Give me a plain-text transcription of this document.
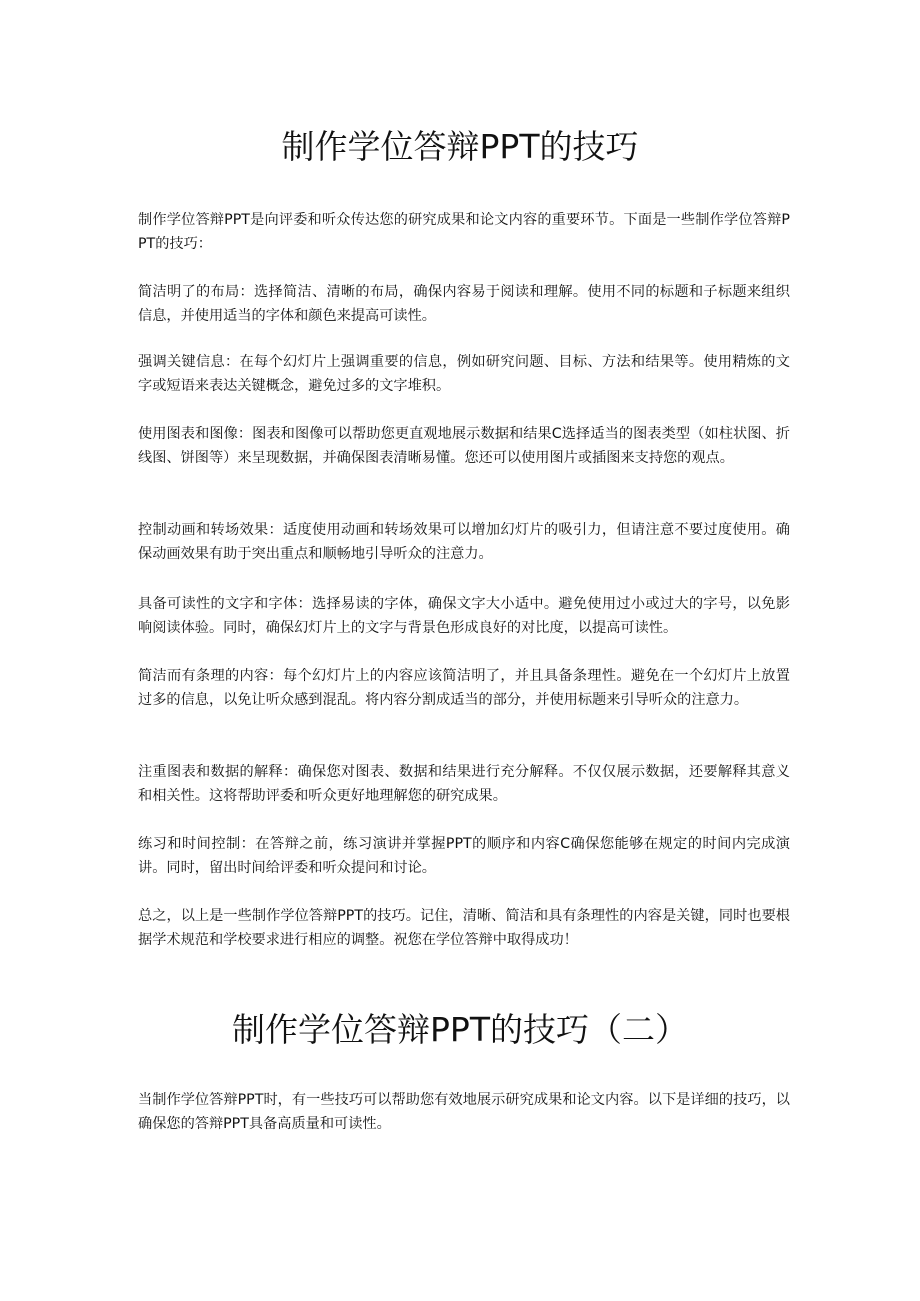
制作学位答辩PPT的技巧

制作学位答辩PPT是向评委和听众传达您的研究成果和论文内容的重要环节。下面是一些制作学位答辩PPT的技巧：

简洁明了的布局：选择简洁、清晰的布局，确保内容易于阅读和理解。使用不同的标题和子标题来组织信息，并使用适当的字体和颜色来提高可读性。

强调关键信息：在每个幻灯片上强调重要的信息，例如研究问题、目标、方法和结果等。使用精炼的文字或短语来表达关键概念，避免过多的文字堆积。

使用图表和图像：图表和图像可以帮助您更直观地展示数据和结果C选择适当的图表类型（如柱状图、折线图、饼图等）来呈现数据，并确保图表清晰易懂。您还可以使用图片或插图来支持您的观点。

控制动画和转场效果：适度使用动画和转场效果可以增加幻灯片的吸引力，但请注意不要过度使用。确保动画效果有助于突出重点和顺畅地引导听众的注意力。

具备可读性的文字和字体：选择易读的字体，确保文字大小适中。避免使用过小或过大的字号，以免影响阅读体验。同时，确保幻灯片上的文字与背景色形成良好的对比度，以提高可读性。

简洁而有条理的内容：每个幻灯片上的内容应该简洁明了，并且具备条理性。避免在一个幻灯片上放置过多的信息，以免让听众感到混乱。将内容分割成适当的部分，并使用标题来引导听众的注意力。

注重图表和数据的解释：确保您对图表、数据和结果进行充分解释。不仅仅展示数据，还要解释其意义和相关性。这将帮助评委和听众更好地理解您的研究成果。

练习和时间控制：在答辩之前，练习演讲并掌握PPT的顺序和内容C确保您能够在规定的时间内完成演讲。同时，留出时间给评委和听众提问和讨论。

总之，以上是一些制作学位答辩PPT的技巧。记住，清晰、简洁和具有条理性的内容是关键，同时也要根据学术规范和学校要求进行相应的调整。祝您在学位答辩中取得成功！

制作学位答辩PPT的技巧（二）

当制作学位答辩PPT时，有一些技巧可以帮助您有效地展示研究成果和论文内容。以下是详细的技巧，以确保您的答辩PPT具备高质量和可读性。
